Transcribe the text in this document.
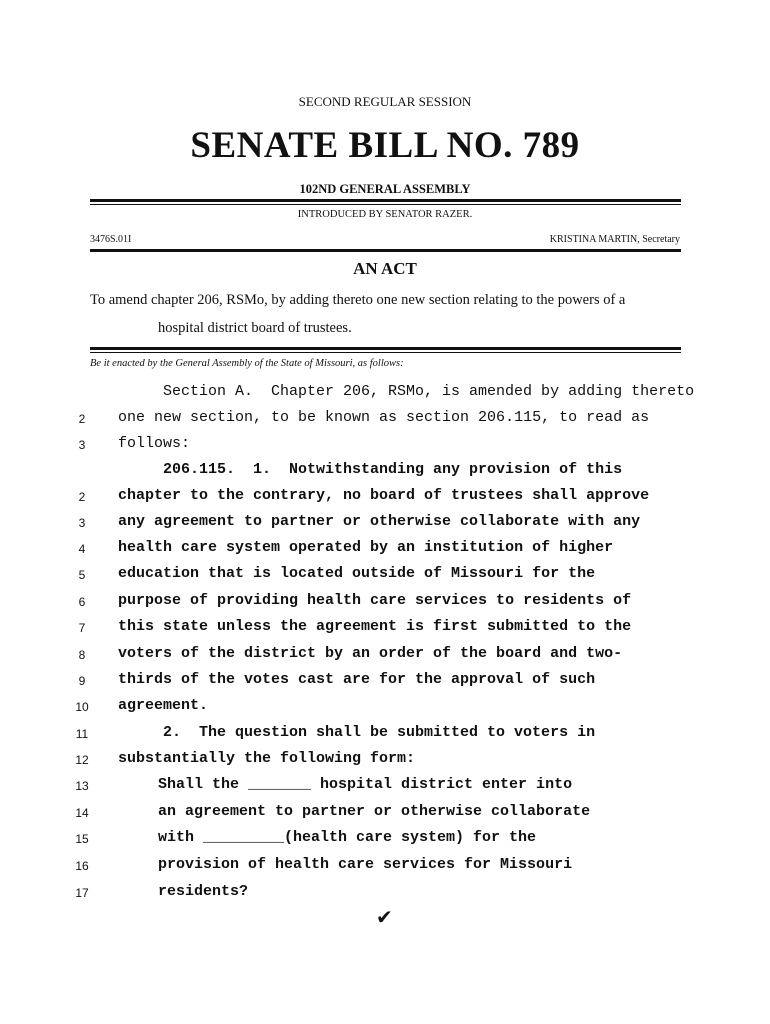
SECOND REGULAR SESSION
SENATE BILL NO. 789
102ND GENERAL ASSEMBLY
INTRODUCED BY SENATOR RAZER.
3476S.01I	KRISTINA MARTIN, Secretary
AN ACT
To amend chapter 206, RSMo, by adding thereto one new section relating to the powers of a
hospital district board of trustees.
Be it enacted by the General Assembly of the State of Missouri, as follows:
Section A.  Chapter 206, RSMo, is amended by adding thereto
2	one new section, to be known as section 206.115, to read as
3	follows:
206.115.  1.  Notwithstanding any provision of this
2	chapter to the contrary, no board of trustees shall approve
3	any agreement to partner or otherwise collaborate with any
4	health care system operated by an institution of higher
5	education that is located outside of Missouri for the
6	purpose of providing health care services to residents of
7	this state unless the agreement is first submitted to the
8	voters of the district by an order of the board and two-
9	thirds of the votes cast are for the approval of such
10	agreement.
11	2.  The question shall be submitted to voters in
12	substantially the following form:
13	Shall the _______ hospital district enter into
14	an agreement to partner or otherwise collaborate
15	with _________(health care system) for the
16	provision of health care services for Missouri
17	residents?
✔
